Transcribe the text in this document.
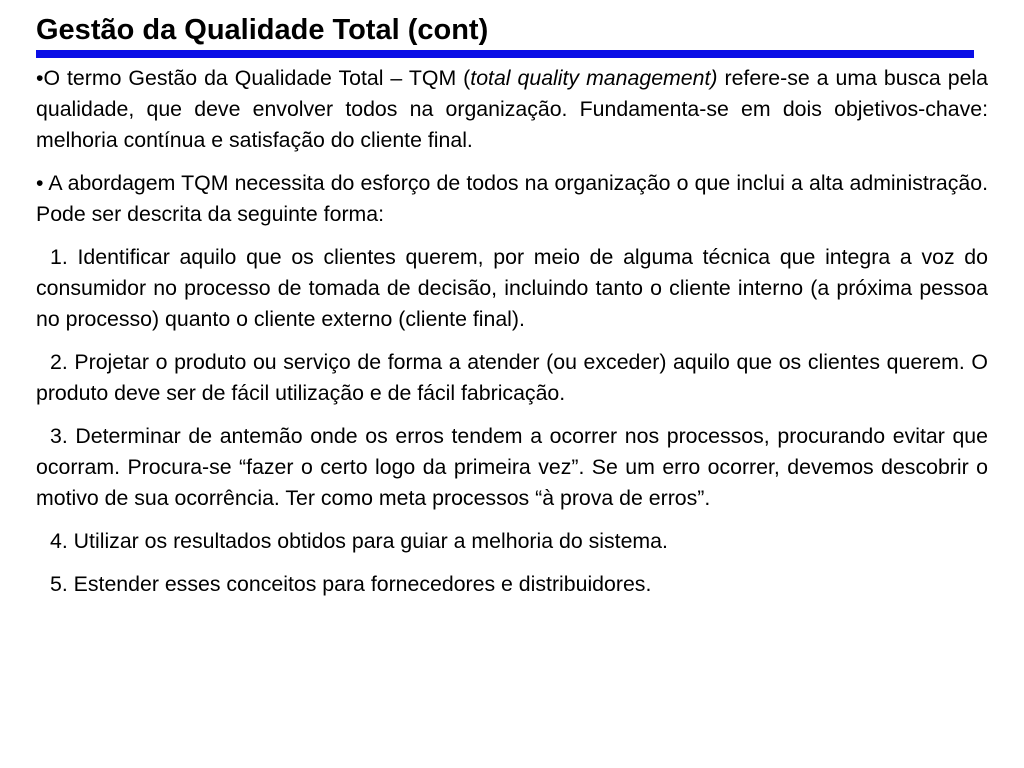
Gestão da Qualidade Total (cont)

•O termo Gestão da Qualidade Total – TQM (total quality management) refere-se a uma busca pela qualidade, que deve envolver todos na organização. Fundamenta-se em dois objetivos-chave: melhoria contínua e satisfação do cliente final.

• A abordagem TQM necessita do esforço de todos na organização o que inclui a alta administração. Pode ser descrita da seguinte forma:

1. Identificar aquilo que os clientes querem, por meio de alguma técnica que integra a voz do consumidor no processo de tomada de decisão, incluindo tanto o cliente interno (a próxima pessoa no processo) quanto o cliente externo (cliente final).

2. Projetar o produto ou serviço de forma a atender (ou exceder) aquilo que os clientes querem. O produto deve ser de fácil utilização e de fácil fabricação.

3. Determinar de antemão onde os erros tendem a ocorrer nos processos, procurando evitar que ocorram. Procura-se “fazer o certo logo da primeira vez”. Se um erro ocorrer, devemos descobrir o motivo de sua ocorrência. Ter como meta processos “à prova de erros”.

4. Utilizar os resultados obtidos para guiar a melhoria do sistema.

5. Estender esses conceitos para fornecedores e distribuidores.
